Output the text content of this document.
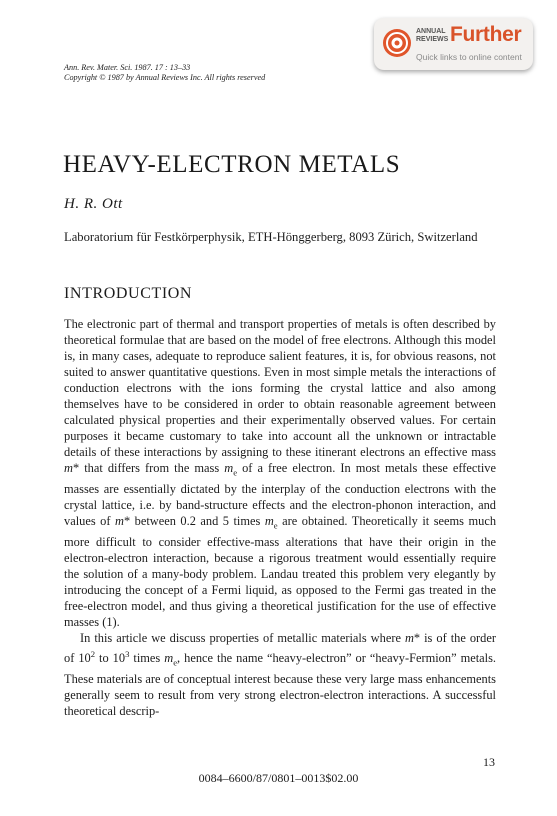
ANNUAL
REVIEWS Further
Quick links to online content
Ann. Rev. Mater. Sci. 1987. 17 : 13–33
Copyright © 1987 by Annual Reviews Inc. All rights reserved
HEAVY-ELECTRON METALS
H. R. Ott

Laboratorium für Festkörperphysik, ETH-Hönggerberg, 8093 Zürich, Switzerland

INTRODUCTION

The electronic part of thermal and transport properties of metals is often described by theoretical formulae that are based on the model of free electrons. Although this model is, in many cases, adequate to reproduce salient features, it is, for obvious reasons, not suited to answer quantitative questions. Even in most simple metals the interactions of conduction electrons with the ions forming the crystal lattice and also among themselves have to be considered in order to obtain reasonable agreement between calculated physical properties and their experimentally observed values. For certain purposes it became customary to take into account all the unknown or intractable details of these interactions by assigning to these itinerant electrons an effective mass m* that differs from the mass $m_e$ of a free electron. In most metals these effective masses are essentially dictated by the interplay of the conduction electrons with the crystal lattice, i.e. by band-structure effects and the electron-phonon interaction, and values of m* between 0.2 and 5 times $m_e$ are obtained. Theoretically it seems much more difficult to consider effective-mass alterations that have their origin in the electron-electron interaction, because a rigorous treatment would essentially require the solution of a many-body problem. Landau treated this problem very elegantly by introducing the concept of a Fermi liquid, as opposed to the Fermi gas treated in the free-electron model, and thus giving a theoretical justification for the use of effective masses (1).

In this article we discuss properties of metallic materials where m* is of the order of $10^2$ to $10^3$ times $m_e$, hence the name “heavy-electron” or “heavy-Fermion” metals. These materials are of conceptual interest because these very large mass enhancements generally seem to result from very strong electron-electron interactions. A successful theoretical descrip-

13
0084–6600/87/0801–0013$02.00
